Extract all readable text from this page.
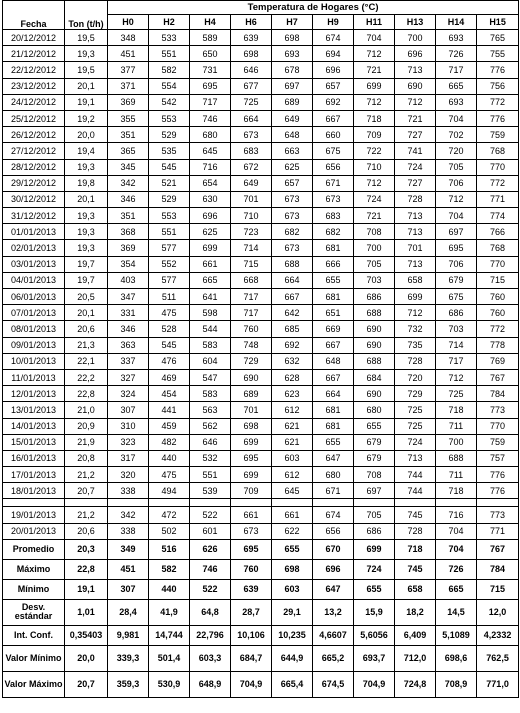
Fecha	Ton (t/h)	Temperatura de Hogares (°C)									
		H0	H2	H4	H6	H7	H9	H11	H13	H14	H15
20/12/2012	19,5	348	533	589	639	698	674	704	700	693	765
21/12/2012	19,3	451	551	650	698	693	694	712	696	726	755
22/12/2012	19,5	377	582	731	646	678	696	721	713	717	776
23/12/2012	20,1	371	554	695	677	697	657	699	690	665	756
24/12/2012	19,1	369	542	717	725	689	692	712	712	693	772
25/12/2012	19,2	355	553	746	664	649	667	718	721	704	776
26/12/2012	20,0	351	529	680	673	648	660	709	727	702	759
27/12/2012	19,4	365	535	645	683	663	675	722	741	720	768
28/12/2012	19,3	345	545	716	672	625	656	710	724	705	770
29/12/2012	19,8	342	521	654	649	657	671	712	727	706	772
30/12/2012	20,1	346	529	630	701	673	673	724	728	712	771
31/12/2012	19,3	351	553	696	710	673	683	721	713	704	774
01/01/2013	19,3	368	551	625	723	682	682	708	713	697	766
02/01/2013	19,3	369	577	699	714	673	681	700	701	695	768
03/01/2013	19,7	354	552	661	715	688	666	705	713	706	770
04/01/2013	19,7	403	577	665	668	664	655	703	658	679	715
06/01/2013	20,5	347	511	641	717	667	681	686	699	675	760
07/01/2013	20,1	331	475	598	717	642	651	688	712	686	760
08/01/2013	20,6	346	528	544	760	685	669	690	732	703	772
09/01/2013	21,3	363	545	583	748	692	667	690	735	714	778
10/01/2013	22,1	337	476	604	729	632	648	688	728	717	769
11/01/2013	22,2	327	469	547	690	628	667	684	720	712	767
12/01/2013	22,8	324	454	583	689	623	664	690	729	725	784
13/01/2013	21,0	307	441	563	701	612	681	680	725	718	773
14/01/2013	20,9	310	459	562	698	621	681	655	725	711	770
15/01/2013	21,9	323	482	646	699	621	655	679	724	700	759
16/01/2013	20,8	317	440	532	695	603	647	679	713	688	757
17/01/2013	21,2	320	475	551	699	612	680	708	744	711	776
18/01/2013	20,7	338	494	539	709	645	671	697	744	718	776

19/01/2013	21,2	342	472	522	661	661	674	705	745	716	773
20/01/2013	20,6	338	502	601	673	622	656	686	728	704	771
Promedio	20,3	349	516	626	695	655	670	699	718	704	767
Máximo	22,8	451	582	746	760	698	696	724	745	726	784
Mínimo	19,1	307	440	522	639	603	647	655	658	665	715
Desv. estándar	1,01	28,4	41,9	64,8	28,7	29,1	13,2	15,9	18,2	14,5	12,0
Int. Conf.	0,35403	9,981	14,744	22,796	10,106	10,235	4,6607	5,6056	6,409	5,1089	4,2332
Valor Mínimo	20,0	339,3	501,4	603,3	684,7	644,9	665,2	693,7	712,0	698,6	762,5
Valor Máximo	20,7	359,3	530,9	648,9	704,9	665,4	674,5	704,9	724,8	708,9	771,0
